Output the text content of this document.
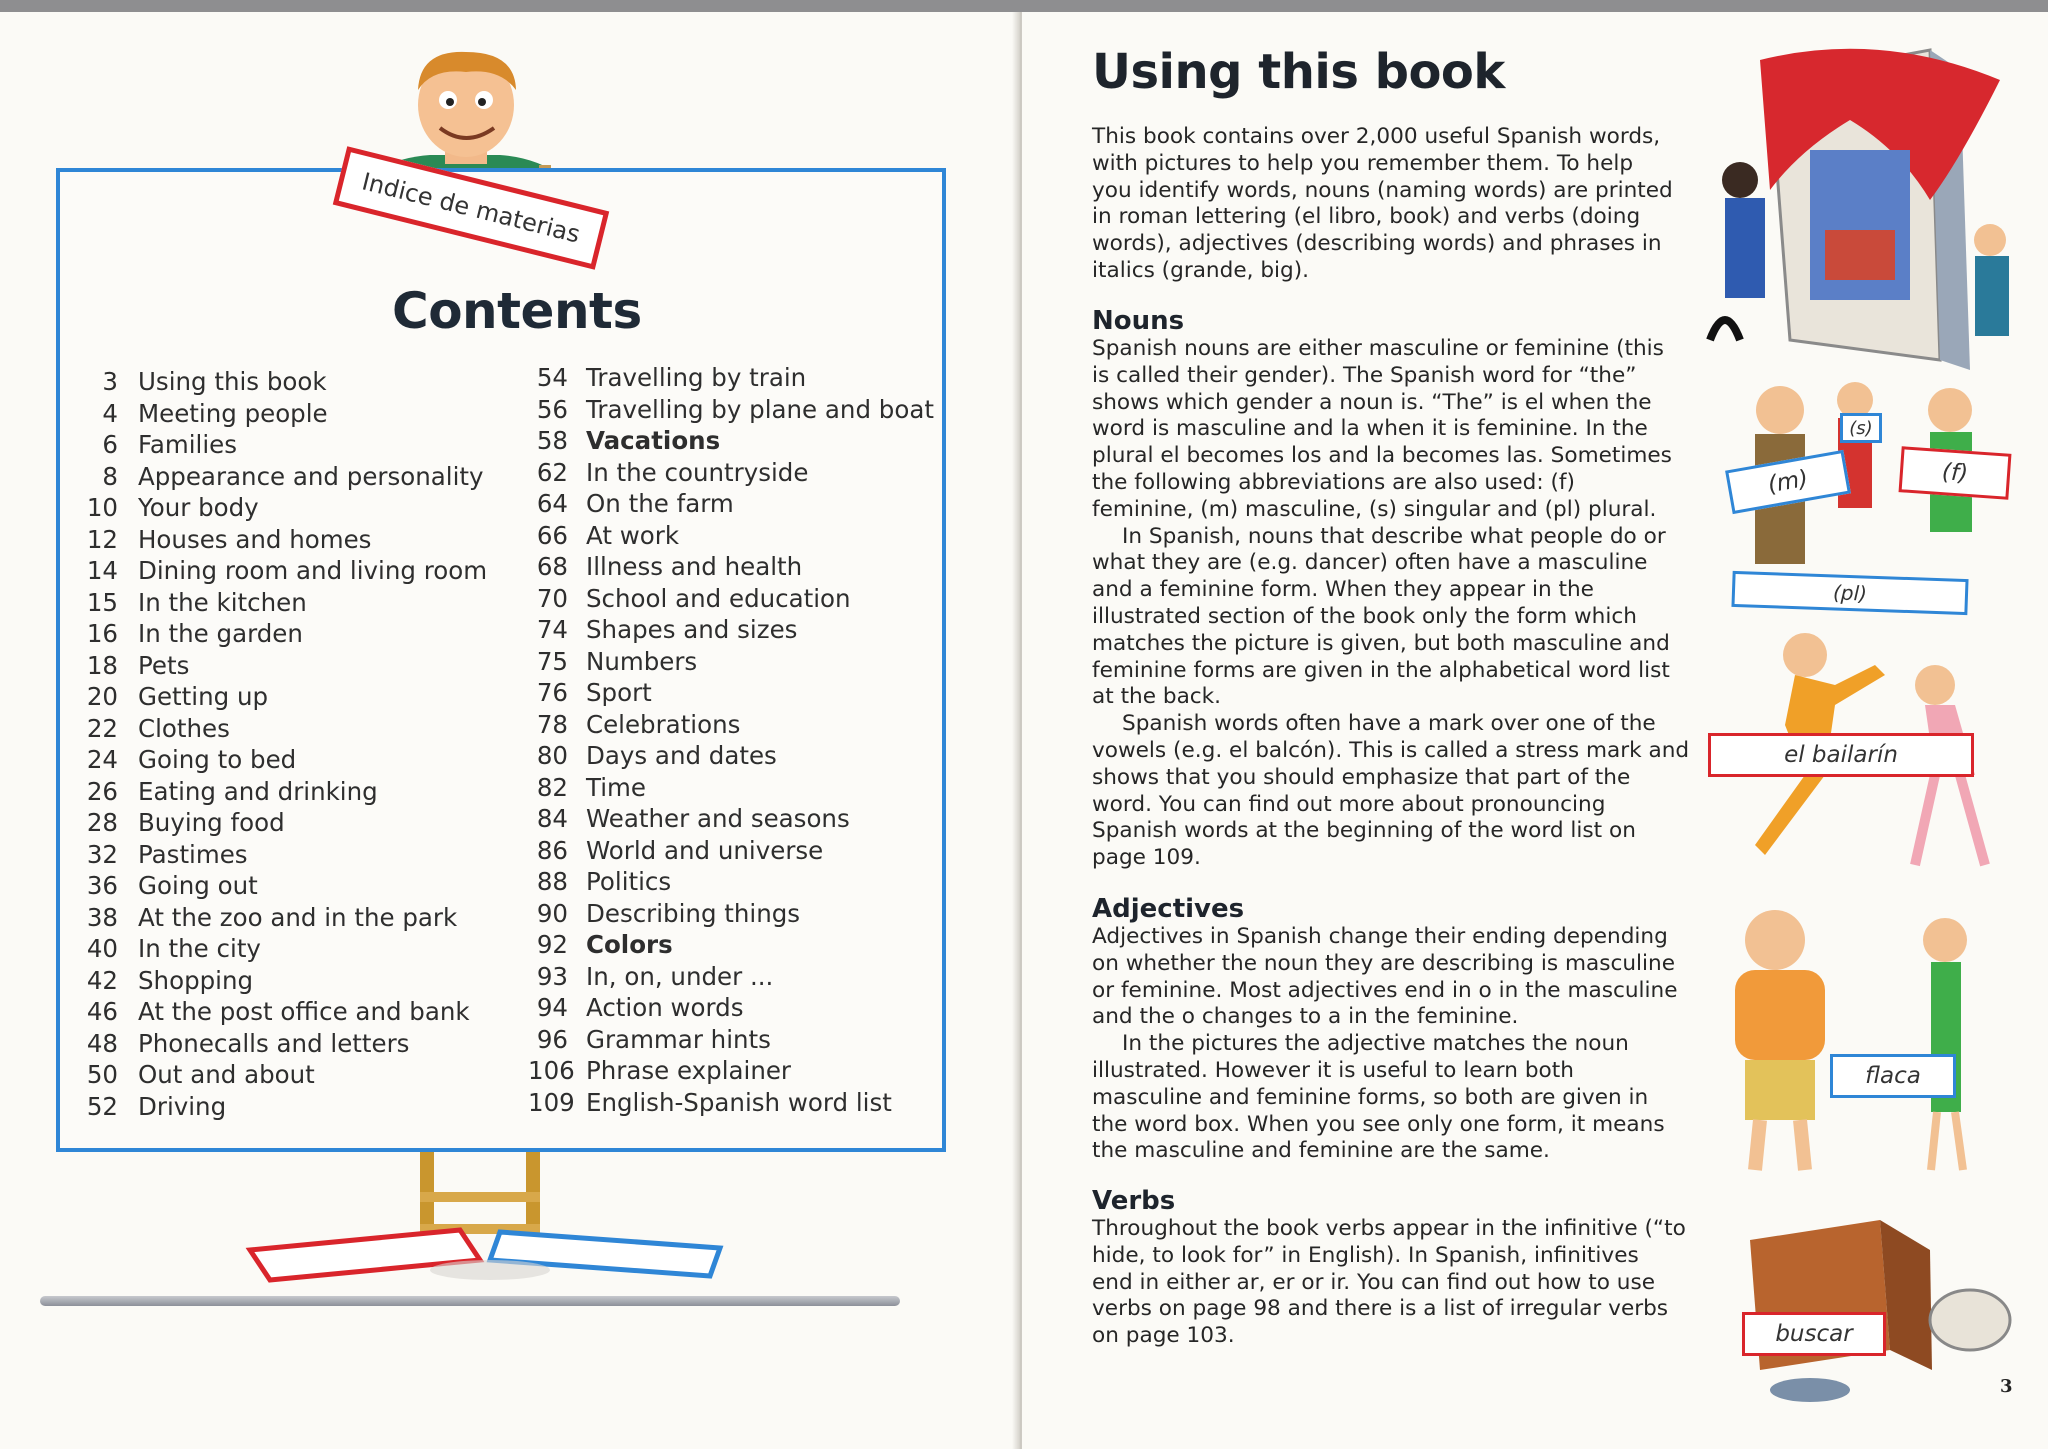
Indice de materias
Contents
3 Using this book
4 Meeting people
6 Families
8 Appearance and personality
10 Your body
12 Houses and homes
14 Dining room and living room
15 In the kitchen
16 In the garden
18 Pets
20 Getting up
22 Clothes
24 Going to bed
26 Eating and drinking
28 Buying food
32 Pastimes
36 Going out
38 At the zoo and in the park
40 In the city
42 Shopping
46 At the post office and bank
48 Phonecalls and letters
50 Out and about
52 Driving
54 Travelling by train
56 Travelling by plane and boat
58 Vacations
62 In the countryside
64 On the farm
66 At work
68 Illness and health
70 School and education
74 Shapes and sizes
75 Numbers
76 Sport
78 Celebrations
80 Days and dates
82 Time
84 Weather and seasons
86 World and universe
88 Politics
90 Describing things
92 Colors
93 In, on, under ...
94 Action words
96 Grammar hints
106 Phrase explainer
109 English-Spanish word list
Using this book
This book contains over 2,000 useful Spanish words,
with pictures to help you remember them. To help
you identify words, nouns (naming words) are printed
in roman lettering (el libro, book) and verbs (doing
words), adjectives (describing words) and phrases in
italics (grande, big).
Nouns
Spanish nouns are either masculine or feminine (this
is called their gender). The Spanish word for “the”
shows which gender a noun is. “The” is el when the
word is masculine and la when it is feminine. In the
plural el becomes los and la becomes las. Sometimes
the following abbreviations are also used: (f)
feminine, (m) masculine, (s) singular and (pl) plural.
In Spanish, nouns that describe what people do or
what they are (e.g. dancer) often have a masculine
and a feminine form. When they appear in the
illustrated section of the book only the form which
matches the picture is given, but both masculine and
feminine forms are given in the alphabetical word list
at the back.
Spanish words often have a mark over one of the
vowels (e.g. el balcón). This is called a stress mark and
shows that you should emphasize that part of the
word. You can find out more about pronouncing
Spanish words at the beginning of the word list on
page 109.
Adjectives
Adjectives in Spanish change their ending depending
on whether the noun they are describing is masculine
or feminine. Most adjectives end in o in the masculine
and the o changes to a in the feminine.
In the pictures the adjective matches the noun
illustrated. However it is useful to learn both
masculine and feminine forms, so both are given in
the word box. When you see only one form, it means
the masculine and feminine are the same.
Verbs
Throughout the book verbs appear in the infinitive (“to
hide, to look for” in English). In Spanish, infinitives
end in either ar, er or ir. You can find out how to use
verbs on page 98 and there is a list of irregular verbs
on page 103.
(s)
(m)	(f)
(pl)
el bailarín
flaca
buscar
3
